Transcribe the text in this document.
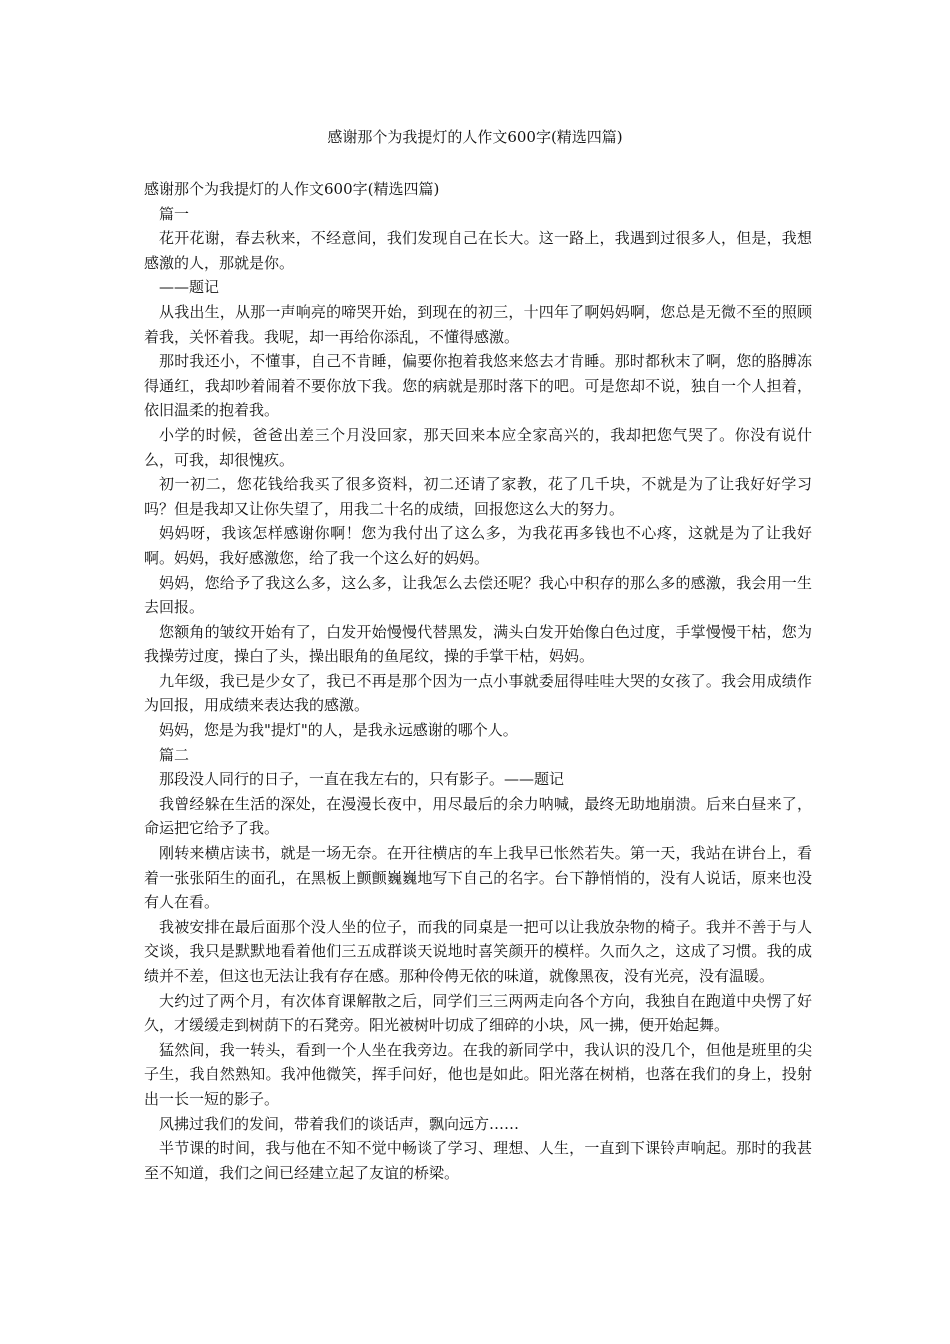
感谢那个为我提灯的人作文600字(精选四篇)

感谢那个为我提灯的人作文600字(精选四篇)

篇一

花开花谢，春去秋来，不经意间，我们发现自己在长大。这一路上，我遇到过很多人，但是，我想感激的人，那就是你。

——题记

从我出生，从那一声响亮的啼哭开始，到现在的初三，十四年了啊妈妈啊，您总是无微不至的照顾着我，关怀着我。我呢，却一再给你添乱，不懂得感激。

那时我还小，不懂事，自己不肯睡，偏要你抱着我悠来悠去才肯睡。那时都秋末了啊，您的胳膊冻得通红，我却吵着闹着不要你放下我。您的病就是那时落下的吧。可是您却不说，独自一个人担着，依旧温柔的抱着我。

小学的时候，爸爸出差三个月没回家，那天回来本应全家高兴的，我却把您气哭了。你没有说什么，可我，却很愧疚。

初一初二，您花钱给我买了很多资料，初二还请了家教，花了几千块，不就是为了让我好好学习吗？但是我却又让你失望了，用我二十名的成绩，回报您这么大的努力。

妈妈呀，我该怎样感谢你啊！您为我付出了这么多，为我花再多钱也不心疼，这就是为了让我好啊。妈妈，我好感激您，给了我一个这么好的妈妈。

妈妈，您给予了我这么多，这么多，让我怎么去偿还呢？我心中积存的那么多的感激，我会用一生去回报。

您额角的皱纹开始有了，白发开始慢慢代替黑发，满头白发开始像白色过度，手掌慢慢干枯，您为我操劳过度，操白了头，操出眼角的鱼尾纹，操的手掌干枯，妈妈。

九年级，我已是少女了，我已不再是那个因为一点小事就委屈得哇哇大哭的女孩了。我会用成绩作为回报，用成绩来表达我的感激。

妈妈，您是为我"提灯"的人，是我永远感谢的哪个人。

篇二

那段没人同行的日子，一直在我左右的，只有影子。——题记

我曾经躲在生活的深处，在漫漫长夜中，用尽最后的余力呐喊，最终无助地崩溃。后来白昼来了，命运把它给予了我。

刚转来横店读书，就是一场无奈。在开往横店的车上我早已怅然若失。第一天，我站在讲台上，看着一张张陌生的面孔，在黑板上颤颤巍巍地写下自己的名字。台下静悄悄的，没有人说话，原来也没有人在看。

我被安排在最后面那个没人坐的位子，而我的同桌是一把可以让我放杂物的椅子。我并不善于与人交谈，我只是默默地看着他们三五成群谈天说地时喜笑颜开的模样。久而久之，这成了习惯。我的成绩并不差，但这也无法让我有存在感。那种伶俜无依的味道，就像黑夜，没有光亮，没有温暖。

大约过了两个月，有次体育课解散之后，同学们三三两两走向各个方向，我独自在跑道中央愣了好久，才缓缓走到树荫下的石凳旁。阳光被树叶切成了细碎的小块，风一拂，便开始起舞。

猛然间，我一转头，看到一个人坐在我旁边。在我的新同学中，我认识的没几个，但他是班里的尖子生，我自然熟知。我冲他微笑，挥手问好，他也是如此。阳光落在树梢，也落在我们的身上，投射出一长一短的影子。

风拂过我们的发间，带着我们的谈话声，飘向远方……

半节课的时间，我与他在不知不觉中畅谈了学习、理想、人生，一直到下课铃声响起。那时的我甚至不知道，我们之间已经建立起了友谊的桥梁。
